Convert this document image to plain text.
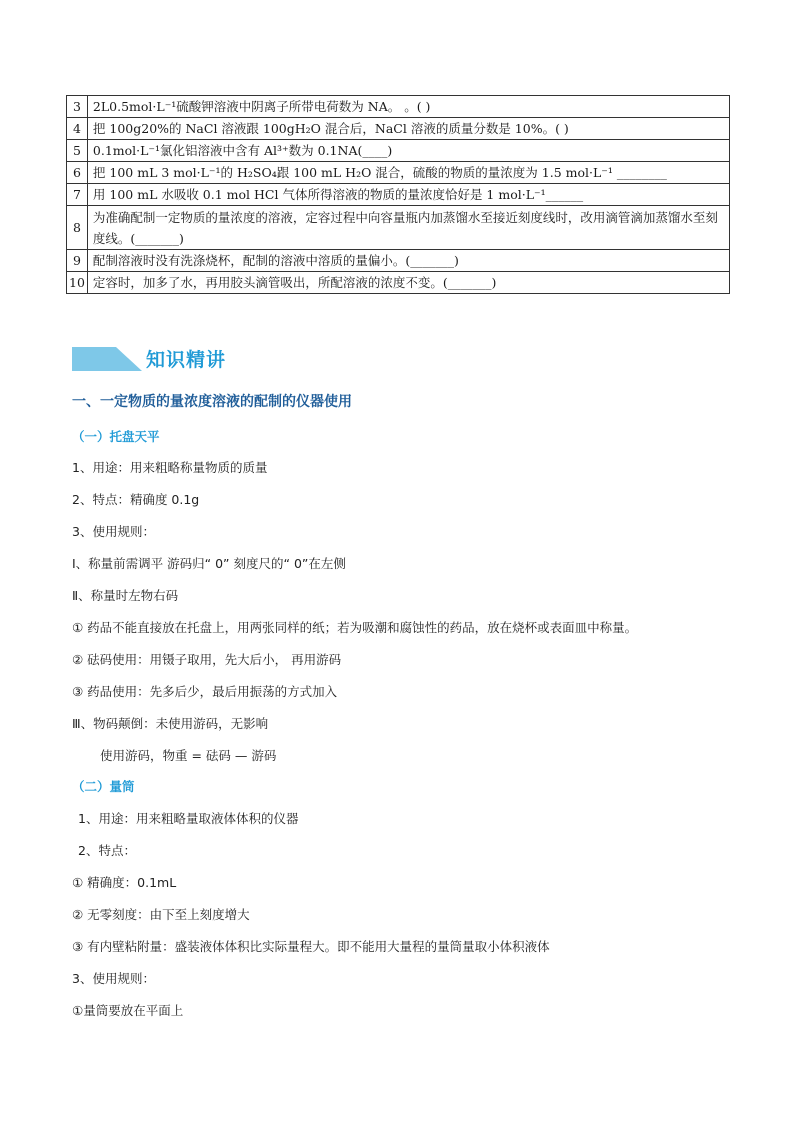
3	2L0.5mol·L⁻¹硫酸钾溶液中阴离子所带电荷数为 NA。 。( )
4	把 100g20%的 NaCl 溶液跟 100gH₂O 混合后，NaCl 溶液的质量分数是 10%。( )
5	0.1mol·L⁻¹氯化铝溶液中含有 Al³⁺数为 0.1NA(____)
6	把 100 mL 3 mol·L⁻¹的 H₂SO₄跟 100 mL H₂O 混合，硫酸的物质的量浓度为 1.5 mol·L⁻¹ ________
7	用 100 mL 水吸收 0.1 mol HCl 气体所得溶液的物质的量浓度恰好是 1 mol·L⁻¹______
8	为准确配制一定物质的量浓度的溶液，定容过程中向容量瓶内加蒸馏水至接近刻度线时，改用滴管滴加蒸馏水至刻度线。(_______)
9	配制溶液时没有洗涤烧杯，配制的溶液中溶质的量偏小。(_______)
10	定容时，加多了水，再用胶头滴管吸出，所配溶液的浓度不变。(_______)
知识精讲
一、一定物质的量浓度溶液的配制的仪器使用
（一）托盘天平
1、用途：用来粗略称量物质的质量
2、特点：精确度 0.1g
3、使用规则：
Ⅰ、称量前需调平 游码归“ 0” 刻度尺的“ 0”在左侧
Ⅱ、称量时左物右码
① 药品不能直接放在托盘上，用两张同样的纸；若为吸潮和腐蚀性的药品，放在烧杯或表面皿中称量。
② 砝码使用：用镊子取用，先大后小， 再用游码
③ 药品使用：先多后少，最后用振荡的方式加入
Ⅲ、物码颠倒：未使用游码，无影响
使用游码，物重 = 砝码 — 游码
（二）量筒
1、用途：用来粗略量取液体体积的仪器
2、特点：
① 精确度：0.1mL
② 无零刻度：由下至上刻度增大
③ 有内壁粘附量：盛装液体体积比实际量程大。即不能用大量程的量筒量取小体积液体
3、使用规则：
①量筒要放在平面上
